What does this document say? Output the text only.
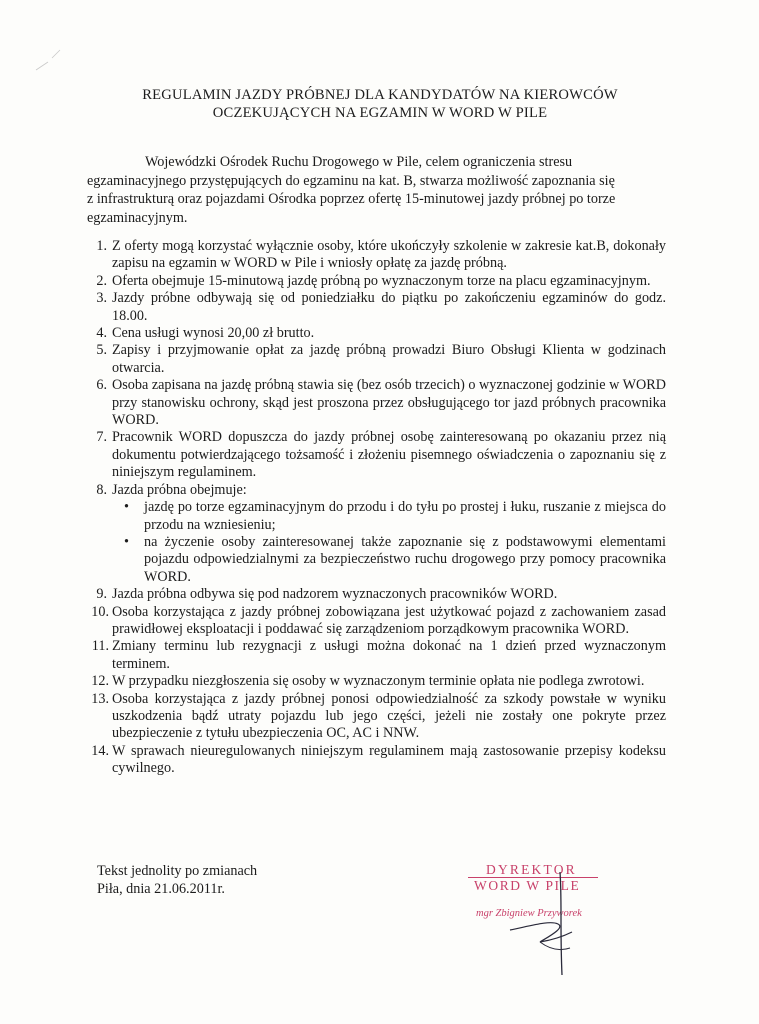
REGULAMIN JAZDY PRÓBNEJ DLA KANDYDATÓW NA KIEROWCÓW
OCZEKUJĄCYCH NA EGZAMIN W WORD W PILE
Wojewódzki Ośrodek Ruchu Drogowego w Pile, celem ograniczenia stresu
egzaminacyjnego przystępujących do egzaminu na kat. B, stwarza możliwość zapoznania się
z infrastrukturą oraz pojazdami Ośrodka poprzez ofertę 15-minutowej jazdy próbnej po torze
egzaminacyjnym.
1. Z oferty mogą korzystać wyłącznie osoby, które ukończyły szkolenie w zakresie kat.B, dokonały zapisu na egzamin w WORD w Pile i wniosły opłatę za jazdę próbną.
2. Oferta obejmuje 15-minutową jazdę próbną po wyznaczonym torze na placu egzaminacyjnym.
3. Jazdy próbne odbywają się od poniedziałku do piątku po zakończeniu egzaminów do godz. 18.00.
4. Cena usługi wynosi 20,00 zł brutto.
5. Zapisy i przyjmowanie opłat za jazdę próbną prowadzi Biuro Obsługi Klienta w godzinach otwarcia.
6. Osoba zapisana na jazdę próbną stawia się (bez osób trzecich) o wyznaczonej godzinie w WORD przy stanowisku ochrony, skąd jest proszona przez obsługującego tor jazd próbnych pracownika WORD.
7. Pracownik WORD dopuszcza do jazdy próbnej osobę zainteresowaną po okazaniu przez nią dokumentu potwierdzającego tożsamość i złożeniu pisemnego oświadczenia o zapoznaniu się z niniejszym regulaminem.
8. Jazda próbna obejmuje:
• jazdę po torze egzaminacyjnym do przodu i do tyłu po prostej i łuku, ruszanie z miejsca do przodu na wzniesieniu;
• na życzenie osoby zainteresowanej także zapoznanie się z podstawowymi elementami pojazdu odpowiedzialnymi za bezpieczeństwo ruchu drogowego przy pomocy pracownika WORD.
9. Jazda próbna odbywa się pod nadzorem wyznaczonych pracowników WORD.
10. Osoba korzystająca z jazdy próbnej zobowiązana jest użytkować pojazd z zachowaniem zasad prawidłowej eksploatacji i poddawać się zarządzeniom porządkowym pracownika WORD.
11. Zmiany terminu lub rezygnacji z usługi można dokonać na 1 dzień przed wyznaczonym terminem.
12. W przypadku niezgłoszenia się osoby w wyznaczonym terminie opłata nie podlega zwrotowi.
13. Osoba korzystająca z jazdy próbnej ponosi odpowiedzialność za szkody powstałe w wyniku uszkodzenia bądź utraty pojazdu lub jego części, jeżeli nie zostały one pokryte przez ubezpieczenie z tytułu ubezpieczenia OC, AC i NNW.
14. W sprawach nieuregulowanych niniejszym regulaminem mają zastosowanie przepisy kodeksu cywilnego.
Tekst jednolity po zmianach
Piła, dnia 21.06.2011r.
DYREKTOR
WORD W PILE
mgr Zbigniew Przyworek
